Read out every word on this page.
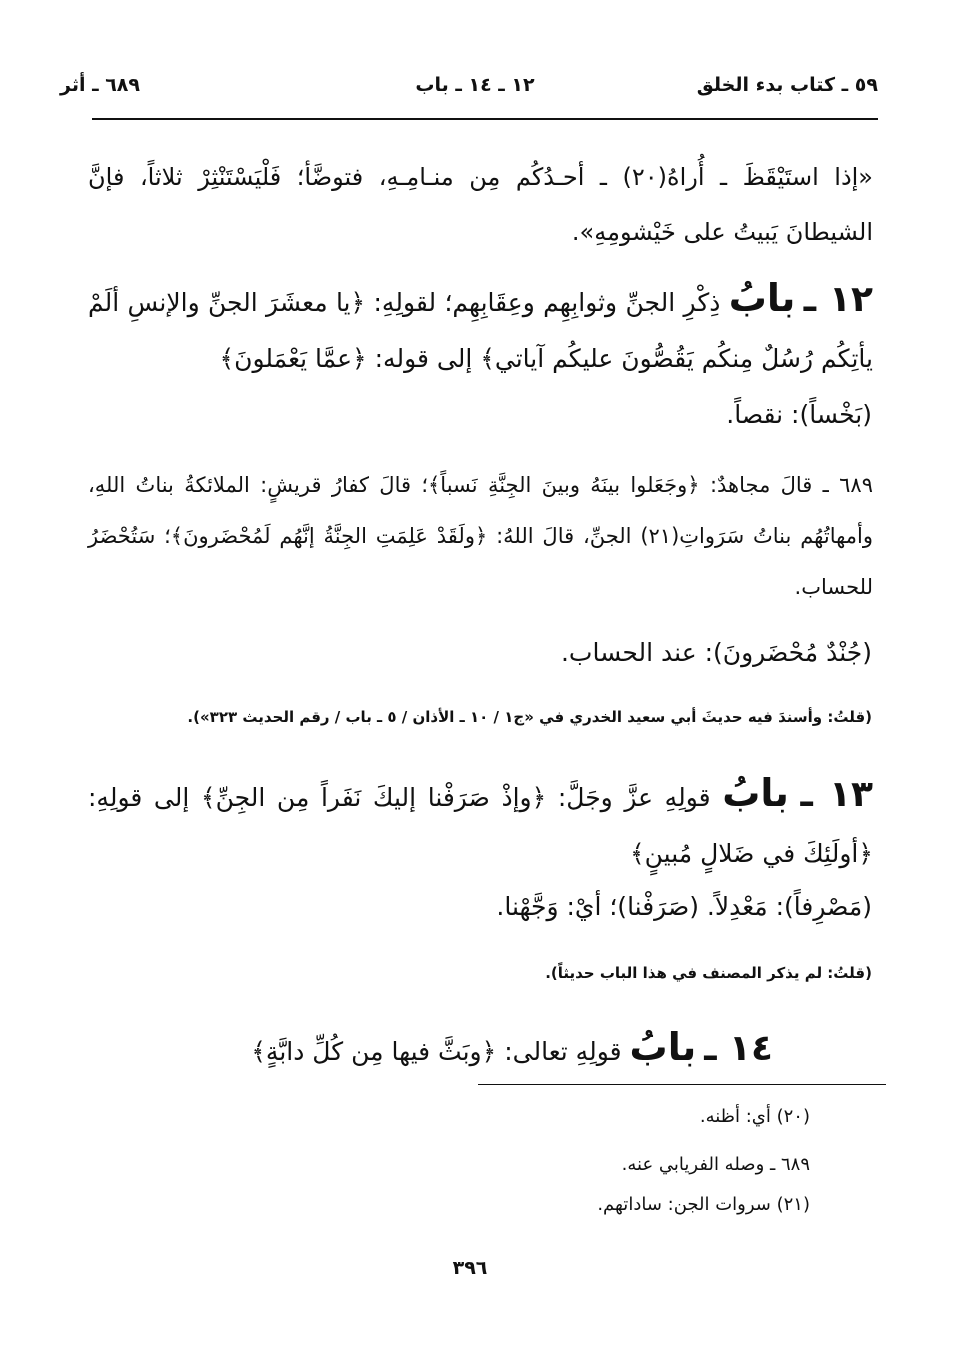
٥٩ ـ كتاب بدء الخلق
١٢ ـ ١٤ ـ باب
٦٨٩ ـ أثر

«إذا استَيْقَظَ ـ أُراهُ(٢٠) ـ أحـدُكُم مِن منـامِـهِ، فتوضَّأ؛ فَلْيَسْتَنْثِرْ ثلاثاً، فإنَّ الشيطانَ يَبيتُ على خَيْشومِهِ».

١٢ ـ بابُ ذِكْرِ الجنِّ وثوابِهِم وعِقَابِهِم؛ لقولِهِ: ﴿يا معشَرَ الجنِّ والإنسِ ألَمْ يأتِكُم رُسُلٌ مِنكُم يَقُصُّونَ عليكُم آياتي﴾ إلى قوله: ﴿عمَّا يَعْمَلونَ﴾

(بَخْساً): نقصاً.

٦٨٩ ـ قالَ مجاهدٌ: ﴿وجَعَلوا بينَهُ وبينَ الجِنَّةِ نَسباً﴾؛ قالَ كفارُ قريشٍ: الملائكةُ بناتُ اللهِ، وأمهاتُهُم بناتُ سَرَواتِ(٢١) الجنِّ، قالَ اللهُ: ﴿ولَقَدْ عَلِمَتِ الجِنَّةُ إنَّهُم لَمُحْضَرونَ﴾؛ سَتُحْضَرُ للحساب.

(جُنْدٌ مُحْضَرونَ): عند الحساب.
(قلتُ: وأسندَ فيه حديثَ أبي سعيد الخدري في «ج١ / ١٠ ـ الأذان / ٥ ـ باب / رقم الحديث ٣٢٣»).

١٣ ـ بابُ قولِهِ عزَّ وجَلَّ: ﴿وإذْ صَرَفْنا إليكَ نَفَراً مِن الجِنِّ﴾ إلى قولِهِ: ﴿أولَئِكَ في ضَلالٍ مُبينٍ﴾

(مَصْرِفاً): مَعْدِلاً. (صَرَفْنا)؛ أيْ: وَجَّهْنا.
(قلتُ: لم يذكر المصنف في هذا الباب حديثاً).
١٤ ـ بابُ قولِهِ تعالى: ﴿وبَثَّ فيها مِن كُلِّ دابَّةٍ﴾
(٢٠) أي: أظنه.
٦٨٩ ـ وصله الفريابي عنه.
(٢١) سروات الجن: ساداتهم.
٣٩٦
